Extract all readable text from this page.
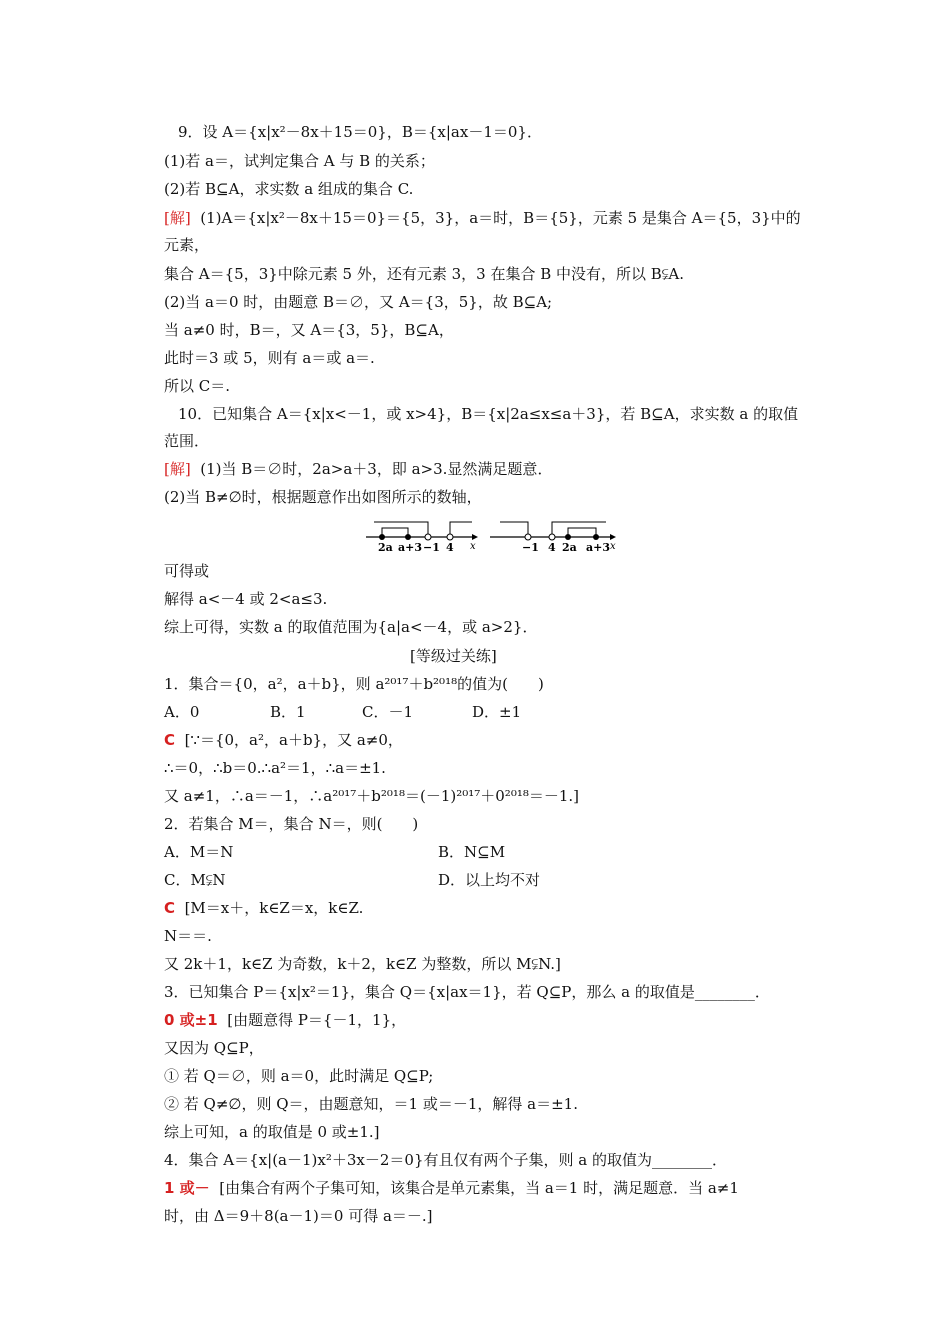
9．设 A＝{x|x²－8x＋15＝0}，B＝{x|ax－1＝0}．
(1)若 a＝，试判定集合 A 与 B 的关系；
(2)若 B⊆A，求实数 a 组成的集合 C.
[解] (1)A＝{x|x²－8x＋15＝0}＝{5，3}，a＝时，B＝{5}，元素 5 是集合 A＝{5，3}中的
元素，
集合 A＝{5，3}中除元素 5 外，还有元素 3，3 在集合 B 中没有，所以 B⫋A.
(2)当 a＝0 时，由题意 B＝∅，又 A＝{3，5}，故 B⊆A;
当 a≠0 时，B＝，又 A＝{3，5}，B⊆A，
此时＝3 或 5，则有 a＝或 a＝.
所以 C＝.
10．已知集合 A＝{x|x<－1，或 x>4}，B＝{x|2a≤x≤a＋3}，若 B⊆A，求实数 a 的取值
范围．
[解] (1)当 B＝∅时，2a>a＋3，即 a>3.显然满足题意．
(2)当 B≠∅时，根据题意作出如图所示的数轴，
2a a+3 −1 4 x	−1 4 2a a+3 x
可得或
解得 a<－4 或 2<a≤3.
综上可得，实数 a 的取值范围为{a|a<－4，或 a>2}．
[等级过关练]
1．集合＝{0，a²，a＋b}，则 a²⁰¹⁷＋b²⁰¹⁸的值为(　　)
A．0	B．1	C．－1	D．±1
C [∵＝{0，a²，a＋b}，又 a≠0，
∴＝0，∴b＝0.∴a²＝1，∴a＝±1.
又 a≠1，∴a＝－1，∴a²⁰¹⁷＋b²⁰¹⁸＝(－1)²⁰¹⁷＋0²⁰¹⁸＝－1.]
2．若集合 M＝，集合 N＝，则(　　)
A．M＝N	B．N⊆M
C．M⫋N	D．以上均不对
C [M＝x＋，k∈Z＝x，k∈Z.
N＝＝.
又 2k＋1，k∈Z 为奇数，k＋2，k∈Z 为整数，所以 M⫋N.]
3．已知集合 P＝{x|x²＝1}，集合 Q＝{x|ax＝1}，若 Q⊆P，那么 a 的取值是________．
0 或±1 [由题意得 P＝{－1，1}，
又因为 Q⊆P，
① 若 Q＝∅，则 a＝0，此时满足 Q⊆P;
② 若 Q≠∅，则 Q＝，由题意知，＝1 或＝－1，解得 a＝±1.
综上可知，a 的取值是 0 或±1.]
4．集合 A＝{x|(a－1)x²＋3x－2＝0}有且仅有两个子集，则 a 的取值为________．
1 或－ [由集合有两个子集可知，该集合是单元素集，当 a＝1 时，满足题意．当 a≠1
时，由 Δ＝9＋8(a－1)＝0 可得 a＝－.]
